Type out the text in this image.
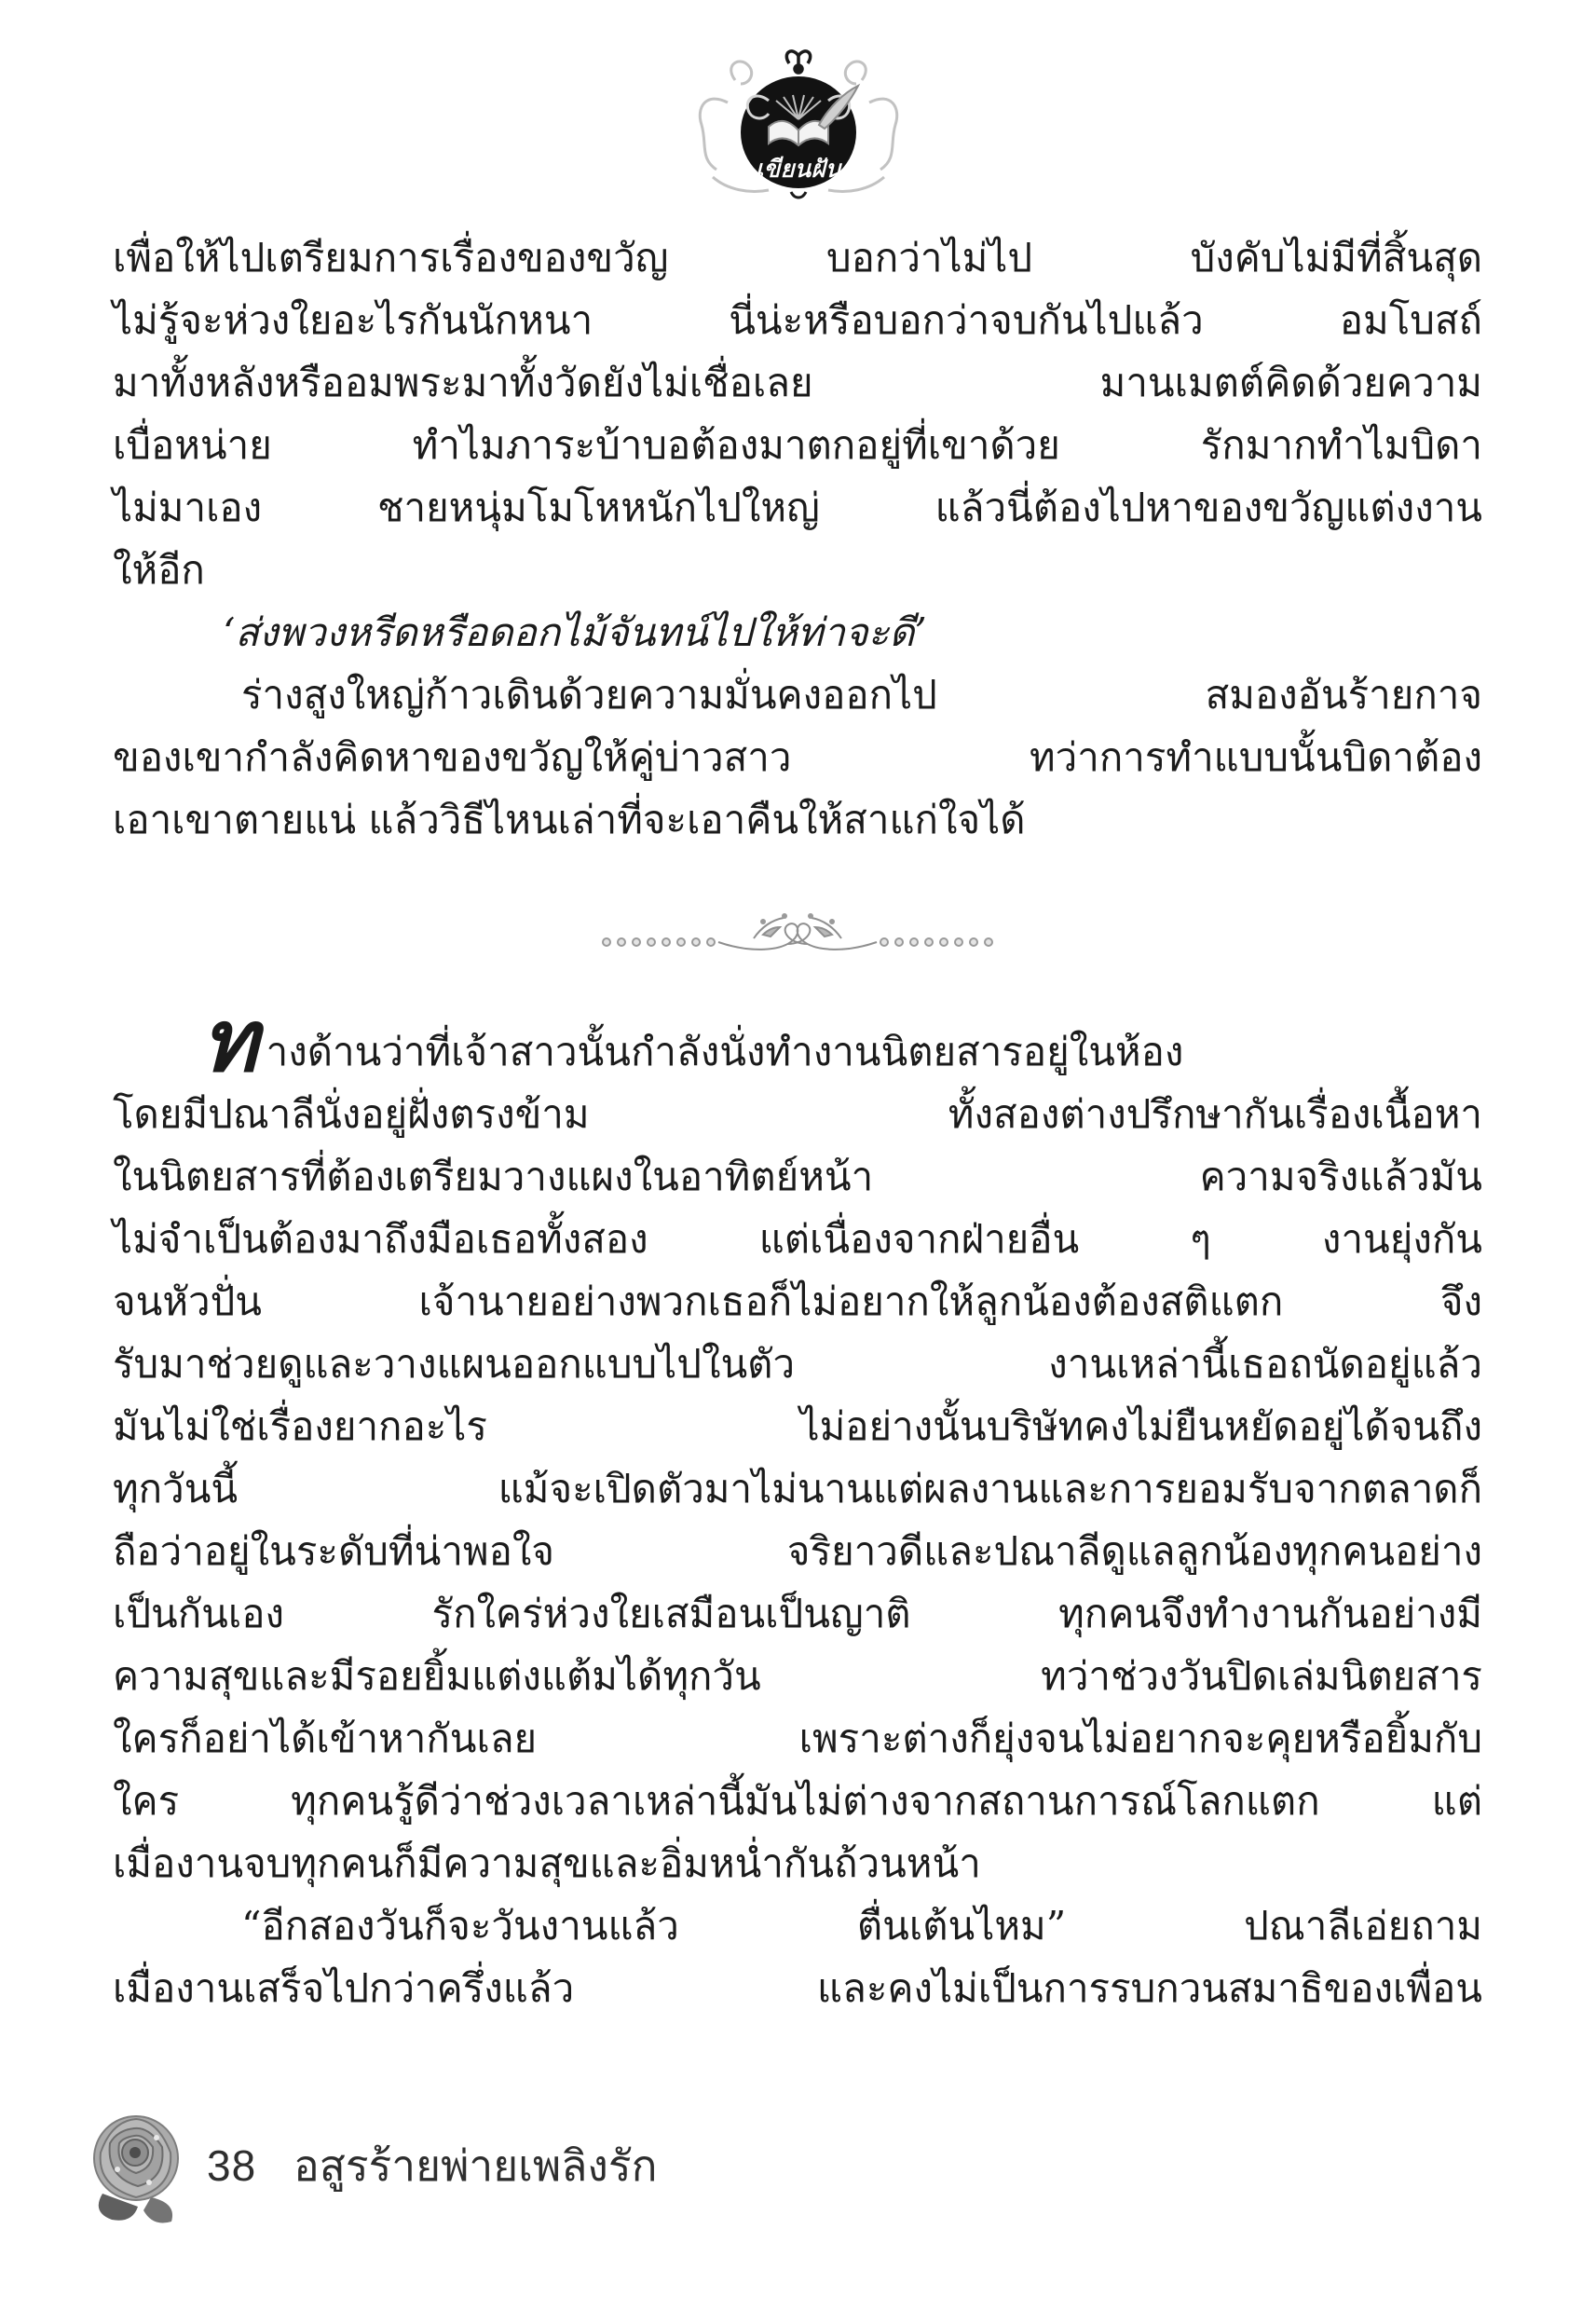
เขียนฝัน
เพื่อให้ไปเตรียมการเรื่องของขวัญ บอกว่าไม่ไป บังคับไม่มีที่สิ้นสุด
ไม่รู้จะห่วงใยอะไรกันนักหนา นี่น่ะหรือบอกว่าจบกันไปแล้ว อมโบสถ์
มาทั้งหลังหรืออมพระมาทั้งวัดยังไม่เชื่อเลย มานเมตต์คิดด้วยความ
เบื่อหน่าย ทำไมภาระบ้าบอต้องมาตกอยู่ที่เขาด้วย รักมากทำไมบิดา
ไม่มาเอง ชายหนุ่มโมโหหนักไปใหญ่ แล้วนี่ต้องไปหาของขวัญแต่งงาน
ให้อีก
‘ส่งพวงหรีดหรือดอกไม้จันทน์ไปให้ท่าจะดี’
ร่างสูงใหญ่ก้าวเดินด้วยความมั่นคงออกไป สมองอันร้ายกาจ
ของเขากำลังคิดหาของขวัญให้คู่บ่าวสาว ทว่าการทำแบบนั้นบิดาต้อง
เอาเขาตายแน่ แล้ววิธีไหนเล่าที่จะเอาคืนให้สาแก่ใจได้
ทางด้านว่าที่เจ้าสาวนั้นกำลังนั่งทำงานนิตยสารอยู่ในห้อง
โดยมีปณาลีนั่งอยู่ฝั่งตรงข้าม ทั้งสองต่างปรึกษากันเรื่องเนื้อหา
ในนิตยสารที่ต้องเตรียมวางแผงในอาทิตย์หน้า ความจริงแล้วมัน
ไม่จำเป็นต้องมาถึงมือเธอทั้งสอง แต่เนื่องจากฝ่ายอื่น ๆ งานยุ่งกัน
จนหัวปั่น เจ้านายอย่างพวกเธอก็ไม่อยากให้ลูกน้องต้องสติแตก จึง
รับมาช่วยดูและวางแผนออกแบบไปในตัว งานเหล่านี้เธอถนัดอยู่แล้ว
มันไม่ใช่เรื่องยากอะไร ไม่อย่างนั้นบริษัทคงไม่ยืนหยัดอยู่ได้จนถึง
ทุกวันนี้ แม้จะเปิดตัวมาไม่นานแต่ผลงานและการยอมรับจากตลาดก็
ถือว่าอยู่ในระดับที่น่าพอใจ จริยาวดีและปณาลีดูแลลูกน้องทุกคนอย่าง
เป็นกันเอง รักใคร่ห่วงใยเสมือนเป็นญาติ ทุกคนจึงทำงานกันอย่างมี
ความสุขและมีรอยยิ้มแต่งแต้มได้ทุกวัน ทว่าช่วงวันปิดเล่มนิตยสาร
ใครก็อย่าได้เข้าหากันเลย เพราะต่างก็ยุ่งจนไม่อยากจะคุยหรือยิ้มกับ
ใคร ทุกคนรู้ดีว่าช่วงเวลาเหล่านี้มันไม่ต่างจากสถานการณ์โลกแตก แต่
เมื่องานจบทุกคนก็มีความสุขและอิ่มหน่ำกันถ้วนหน้า
“อีกสองวันก็จะวันงานแล้ว ตื่นเต้นไหม” ปณาลีเอ่ยถาม
เมื่องานเสร็จไปกว่าครึ่งแล้ว และคงไม่เป็นการรบกวนสมาธิของเพื่อน
38 อสูรร้ายพ่ายเพลิงรัก
